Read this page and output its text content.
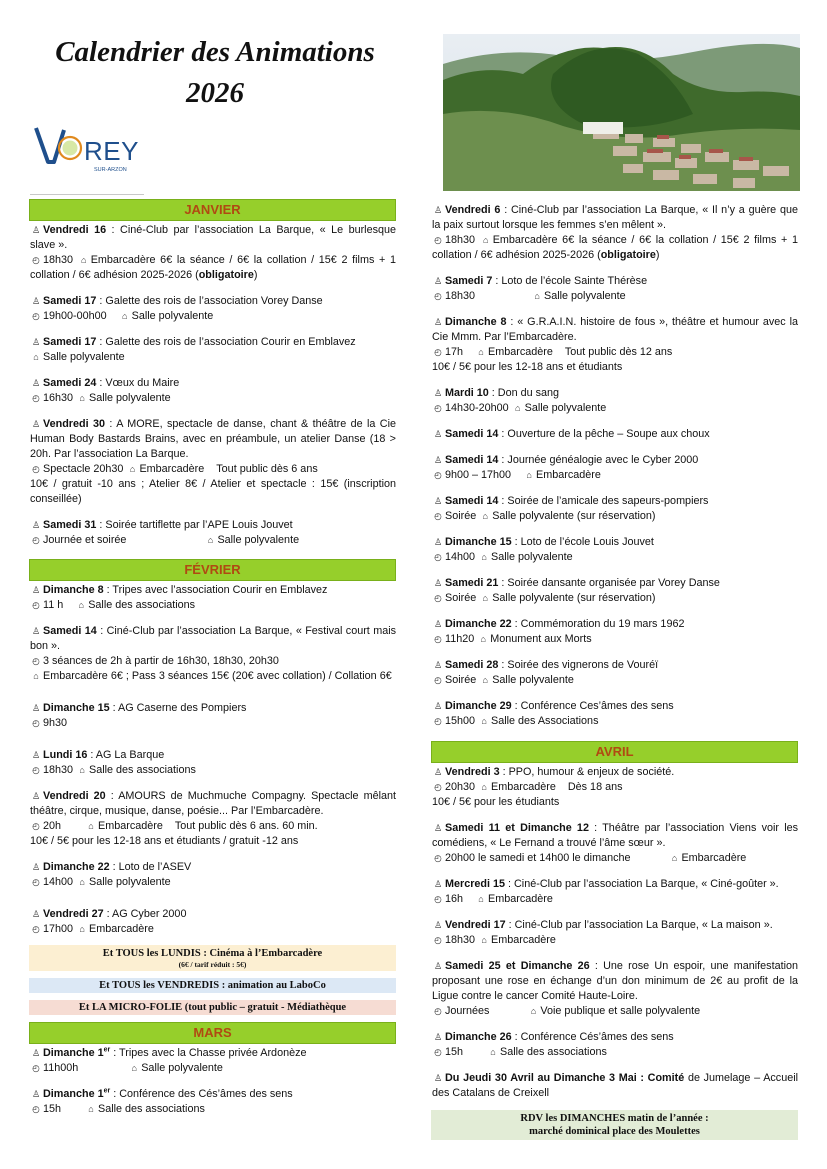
Calendrier des Animations
2026
REY
SUR-ARZON
JANVIER

♙ Vendredi 16 : Ciné-Club par l’association La Barque, « Le burlesque slave ».

◴ 18h30 ⌂ Embarcadère 6€ la séance / 6€ la collation / 15€ 2 films + 1 collation / 6€ adhésion 2025-2026 (obligatoire)

♙ Samedi 17 : Galette des rois de l’association Vorey Danse

◴ 19h00-00h00 ⌂ Salle polyvalente

♙ Samedi 17 : Galette des rois de l’association Courir en Emblavez

⌂ Salle polyvalente

♙ Samedi 24 : Vœux du Maire

◴ 16h30 ⌂ Salle polyvalente

♙ Vendredi 30 : A MORE, spectacle de danse, chant & théâtre de la Cie Human Body Bastards Brains, avec en préambule, un atelier Danse (18 > 20h. Par l’association La Barque.

◴ Spectacle 20h30 ⌂ Embarcadère Tout public dès 6 ans

10€ / gratuit -10 ans ; Atelier 8€ / Atelier et spectacle : 15€ (inscription conseillée)

♙ Samedi 31 : Soirée tartiflette par l’APE Louis Jouvet

◴ Journée et soirée	⌂ Salle polyvalente

FÉVRIER

♙ Dimanche 8 : Tripes avec l’association Courir en Emblavez

◴ 11 h ⌂ Salle des associations

♙ Samedi 14 : Ciné-Club par l’association La Barque, « Festival court mais bon ».

◴ 3 séances de 2h à partir de 16h30, 18h30, 20h30

⌂ Embarcadère 6€ ; Pass 3 séances 15€ (20€ avec collation) / Collation 6€

♙ Dimanche 15 : AG Caserne des Pompiers

◴ 9h30

♙ Lundi 16 : AG La Barque

◴ 18h30 ⌂ Salle des associations

♙ Vendredi 20 : AMOURS de Muchmuche Compagny. Spectacle mêlant théâtre, cirque, musique, danse, poésie... Par l’Embarcadère.

◴ 20h	⌂ Embarcadère Tout public dès 6 ans. 60 min.

10€ / 5€ pour les 12-18 ans et étudiants / gratuit -12 ans

♙ Dimanche 22 : Loto de l’ASEV

◴ 14h00 ⌂ Salle polyvalente

♙ Vendredi 27 : AG Cyber 2000

◴ 17h00 ⌂ Embarcadère

Et TOUS les LUNDIS : Cinéma à l’Embarcadère
(6€ / tarif réduit : 5€)
Et TOUS les VENDREDIS : animation au LaboCo
Et LA MICRO-FOLIE (tout public – gratuit - Médiathèque
MARS

♙ Dimanche 1er : Tripes avec la Chasse privée Ardonèze

◴ 11h00h	⌂ Salle polyvalente

♙ Dimanche 1er : Conférence des Cés’âmes des sens

◴ 15h	⌂ Salle des associations

♙ Vendredi 6 : Ciné-Club par l’association La Barque, « Il n’y a guère que la paix surtout lorsque les femmes s’en mêlent ».

◴ 18h30 ⌂ Embarcadère 6€ la séance / 6€ la collation / 15€ 2 films + 1 collation / 6€ adhésion 2025-2026 (obligatoire)

♙ Samedi 7 : Loto de l’école Sainte Thérèse

◴ 18h30	⌂ Salle polyvalente

♙ Dimanche 8 : « G.R.A.I.N. histoire de fous », théâtre et humour avec la Cie Mmm. Par l’Embarcadère.

◴ 17h ⌂ Embarcadère Tout public dès 12 ans

10€ / 5€ pour les 12-18 ans et étudiants

♙ Mardi 10 : Don du sang

◴ 14h30-20h00 ⌂ Salle polyvalente

♙ Samedi 14 : Ouverture de la pêche – Soupe aux choux

♙ Samedi 14 : Journée généalogie avec le Cyber 2000

◴ 9h00 – 17h00 ⌂ Embarcadère

♙ Samedi 14 : Soirée de l’amicale des sapeurs-pompiers

◴ Soirée ⌂ Salle polyvalente (sur réservation)

♙ Dimanche 15 : Loto de l’école Louis Jouvet

◴ 14h00 ⌂ Salle polyvalente

♙ Samedi 21 : Soirée dansante organisée par Vorey Danse

◴ Soirée ⌂ Salle polyvalente (sur réservation)

♙ Dimanche 22 : Commémoration du 19 mars 1962

◴ 11h20 ⌂ Monument aux Morts

♙ Samedi 28 : Soirée des vignerons de Vouréï

◴ Soirée ⌂ Salle polyvalente

♙ Dimanche 29 : Conférence Ces’âmes des sens

◴ 15h00 ⌂ Salle des Associations

AVRIL

♙ Vendredi 3 : PPO, humour & enjeux de société.

◴ 20h30 ⌂ Embarcadère Dès 18 ans

10€ / 5€ pour les étudiants

♙ Samedi 11 et Dimanche 12 : Théâtre par l’association Viens voir les comédiens, « Le Fernand a trouvé l’âme sœur ».

◴ 20h00 le samedi et 14h00 le dimanche	⌂ Embarcadère

♙ Mercredi 15 : Ciné-Club par l’association La Barque, « Ciné-goûter ».

◴ 16h ⌂ Embarcadère

♙ Vendredi 17 : Ciné-Club par l’association La Barque, « La maison ».

◴ 18h30 ⌂ Embarcadère

♙ Samedi 25 et Dimanche 26 : Une rose Un espoir, une manifestation proposant une rose en échange d’un don minimum de 2€ au profit de la Ligue contre le cancer Comité Haute-Loire.

◴ Journées	⌂ Voie publique et salle polyvalente

♙ Dimanche 26 : Conférence Cés’âmes des sens

◴ 15h	⌂ Salle des associations

♙ Du Jeudi 30 Avril au Dimanche 3 Mai : Comité de Jumelage – Accueil des Catalans de Creixell

RDV les DIMANCHES matin de l’année :
marché dominical place des Moulettes
